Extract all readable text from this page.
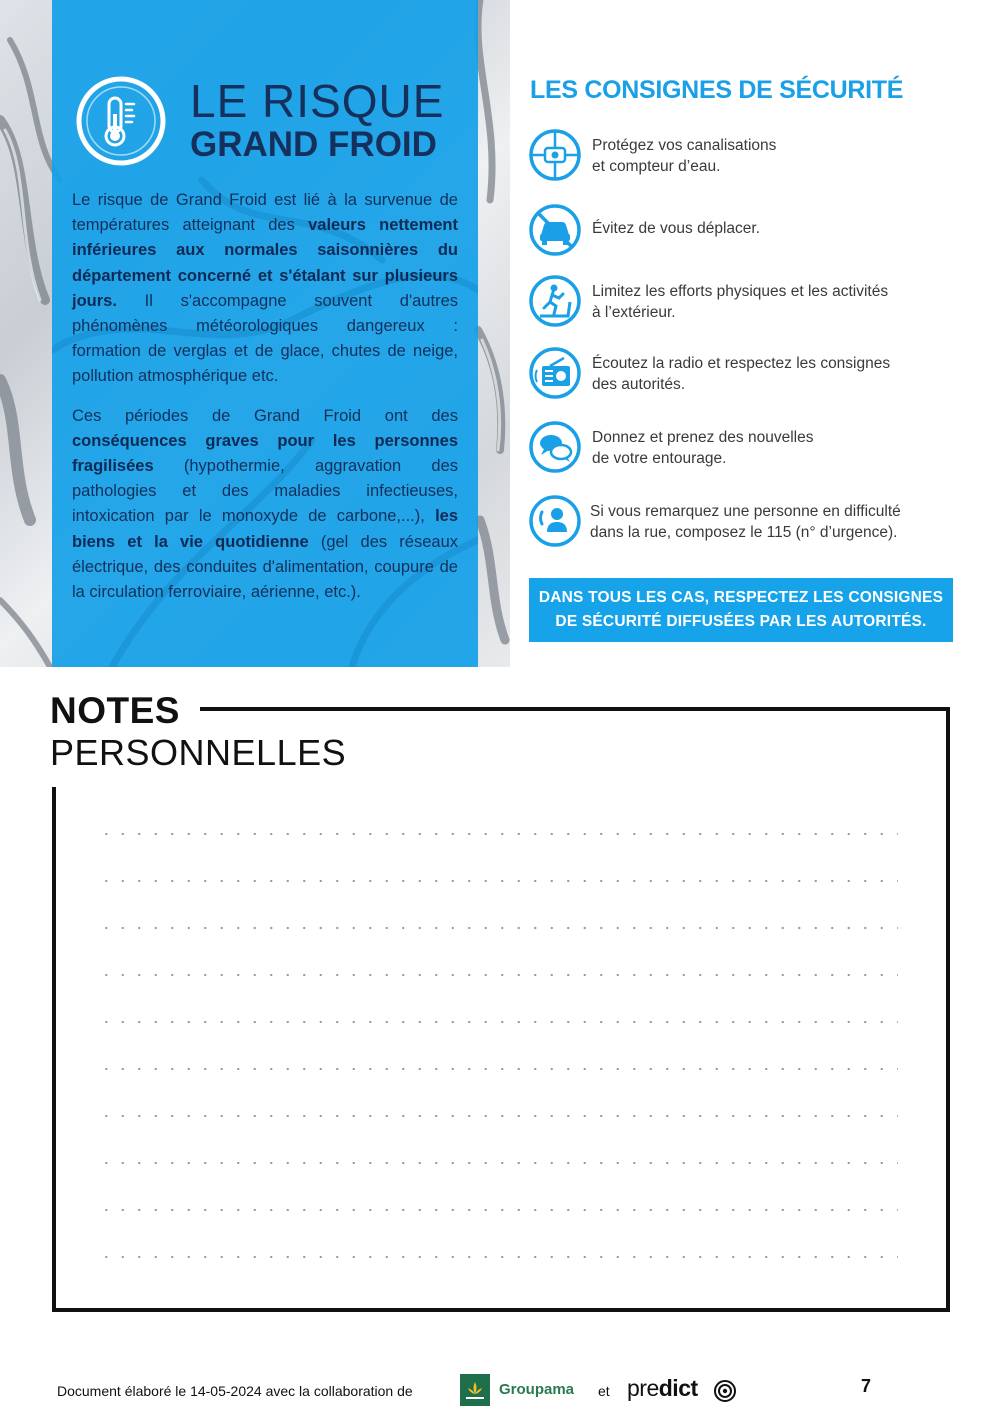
LE RISQUE
GRAND FROID

Le risque de Grand Froid est lié à la survenue de températures atteignant des valeurs nettement inférieures aux normales saisonnières du département concerné et s'étalant sur plusieurs jours. Il s'accompagne souvent d'autres phénomènes météorologiques dangereux : formation de verglas et de glace, chutes de neige, pollution atmosphérique etc.

Ces périodes de Grand Froid ont des conséquences graves pour les personnes fragilisées (hypothermie, aggravation des pathologies et des maladies infectieuses, intoxication par le monoxyde de carbone,...), les biens et la vie quotidienne (gel des réseaux électrique, des conduites d'alimentation, coupure de la circulation ferroviaire, aérienne, etc.).

LES CONSIGNES DE SÉCURITÉ
Protégez vos canalisations
et compteur d’eau.
Évitez de vous déplacer.
Limitez les efforts physiques et les activités
à l’extérieur.
Écoutez la radio et respectez les consignes
des autorités.
Donnez et prenez des nouvelles
de votre entourage.
Si vous remarquez une personne en difficulté
dans la rue, composez le 115 (n° d’urgence).
DANS TOUS LES CAS, RESPECTEZ LES CONSIGNES
DE SÉCURITÉ DIFFUSÉES PAR LES AUTORITÉS.
NOTES
PERSONNELLES
Document élaboré le 14-05-2024 avec la collaboration de	Groupama et predict	7
